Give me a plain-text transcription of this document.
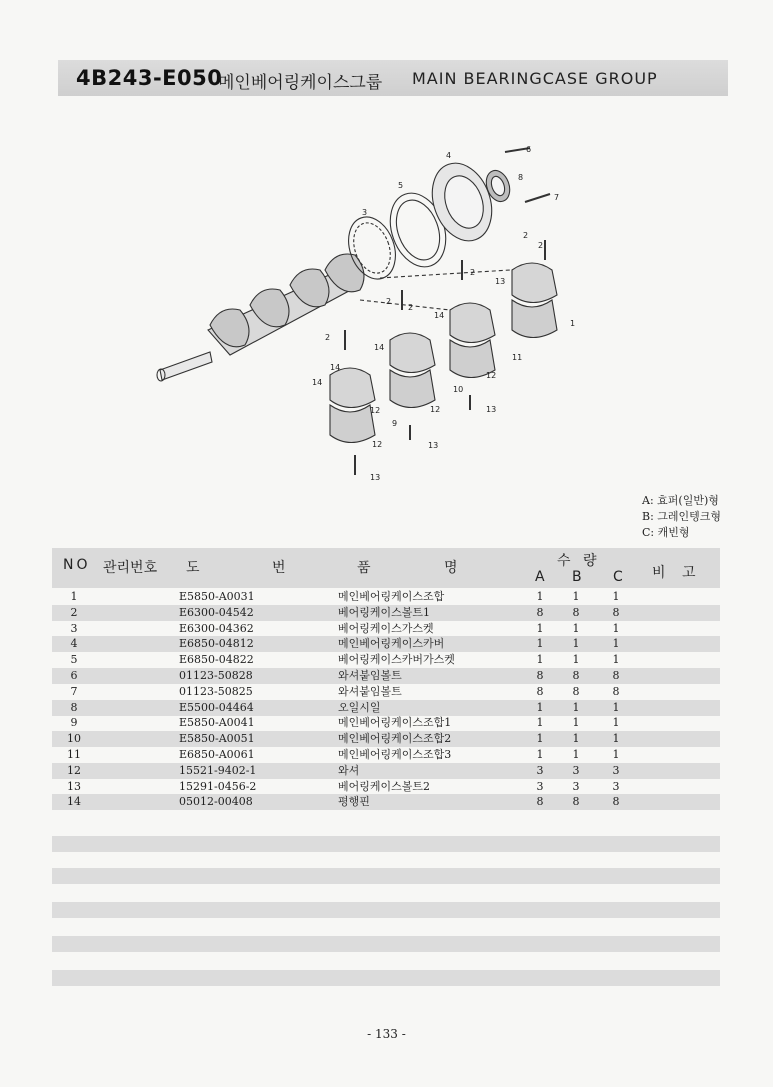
4B243-E050
메인베어링케이스그룹 MAIN BEARINGCASE GROUP
1
2
2
2
2
2
2
3
4
5
6
7
8
9
10
11
12
12
12
12
13
13
13
13
14
14
14
14
A: 효퍼(일반)형
B: 그레인텡크형
C: 캐빈형
NO 관리번호 도	번	품	명	수 량
A B C 비 고
1	E5850-A0031	메인베어링케이스조합	1	1	1
2	E6300-04542	베어링케이스볼트1	8	8	8
3	E6300-04362	베어링케이스가스켓	1	1	1
4	E6850-04812	메인베어링케이스카버	1	1	1
5	E6850-04822	베어링케이스카버가스켓	1	1	1
6	01123-50828	와셔붙임볼트	8	8	8
7	01123-50825	와셔붙임볼트	8	8	8
8	E5500-04464	오일시일	1	1	1
9	E5850-A0041	메인베어링케이스조합1	1	1	1
10	E5850-A0051	메인베어링케이스조합2	1	1	1
11	E6850-A0061	메인베어링케이스조합3	1	1	1
12	15521-9402-1	와셔	3	3	3
13	15291-0456-2	베어링케이스볼트2	3	3	3
14	05012-00408	평행핀	8	8	8
- 133 -
